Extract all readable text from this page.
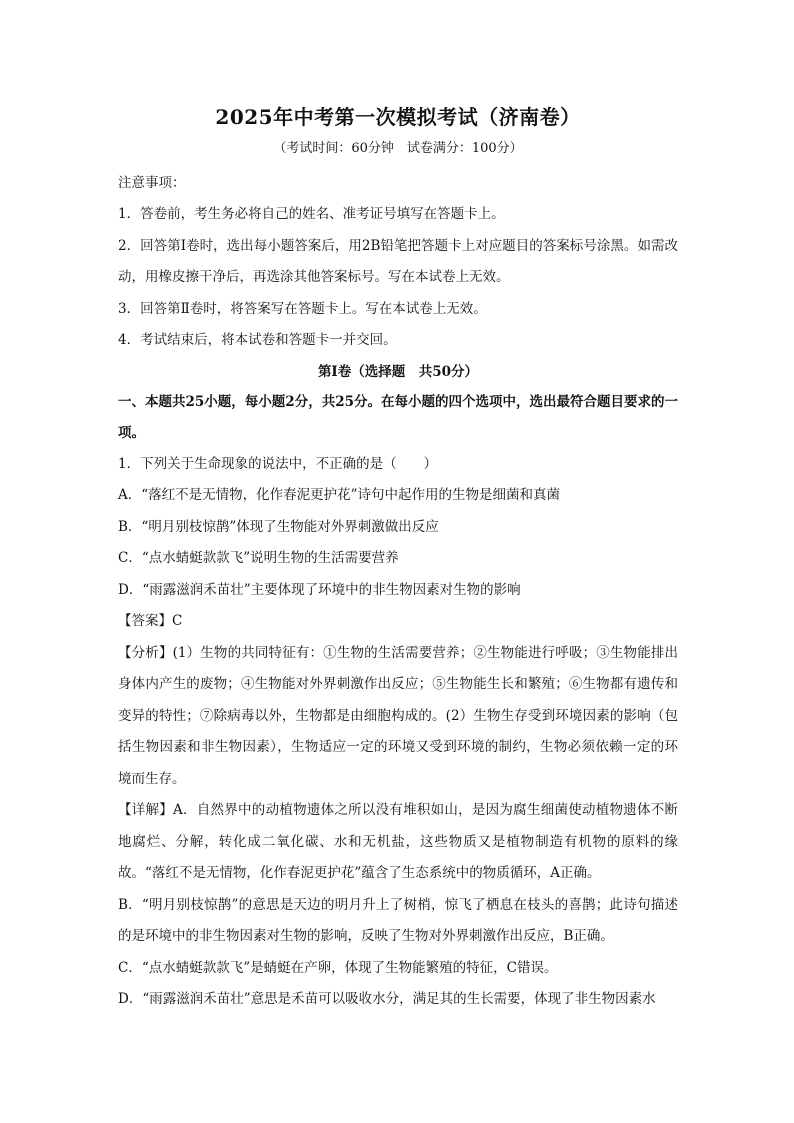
2025年中考第一次模拟考试（济南卷）

（考试时间：60分钟　试卷满分：100分）

注意事项：

1．答卷前，考生务必将自己的姓名、准考证号填写在答题卡上。

2．回答第Ⅰ卷时，选出每小题答案后，用2B铅笔把答题卡上对应题目的答案标号涂黑。如需改动，用橡皮擦干净后，再选涂其他答案标号。写在本试卷上无效。

3．回答第Ⅱ卷时，将答案写在答题卡上。写在本试卷上无效。

4．考试结束后，将本试卷和答题卡一并交回。

第Ⅰ卷（选择题　共50分）

一、本题共25小题，每小题2分，共25分。在每小题的四个选项中，选出最符合题目要求的一项。

1．下列关于生命现象的说法中，不正确的是（　　）

A．“落红不是无情物，化作春泥更护花”诗句中起作用的生物是细菌和真菌

B．“明月别枝惊鹊”体现了生物能对外界刺激做出反应

C．“点水蜻蜓款款飞”说明生物的生活需要营养

D．“雨露滋润禾苗壮”主要体现了环境中的非生物因素对生物的影响

【答案】C

【分析】(1）生物的共同特征有：①生物的生活需要营养；②生物能进行呼吸；③生物能排出身体内产生的废物；④生物能对外界刺激作出反应；⑤生物能生长和繁殖；⑥生物都有遗传和变异的特性；⑦除病毒以外，生物都是由细胞构成的。(2）生物生存受到环境因素的影响（包括生物因素和非生物因素），生物适应一定的环境又受到环境的制约，生物必须依赖一定的环境而生存。

【详解】A．自然界中的动植物遗体之所以没有堆积如山，是因为腐生细菌使动植物遗体不断地腐烂、分解，转化成二氧化碳、水和无机盐，这些物质又是植物制造有机物的原料的缘故。“落红不是无情物，化作春泥更护花”蕴含了生态系统中的物质循环，A正确。

B．“明月别枝惊鹊”的意思是天边的明月升上了树梢，惊飞了栖息在枝头的喜鹊；此诗句描述的是环境中的非生物因素对生物的影响，反映了生物对外界刺激作出反应，B正确。

C．“点水蜻蜓款款飞”是蜻蜓在产卵，体现了生物能繁殖的特征，C错误。

D．“雨露滋润禾苗壮”意思是禾苗可以吸收水分，满足其的生长需要，体现了非生物因素水
